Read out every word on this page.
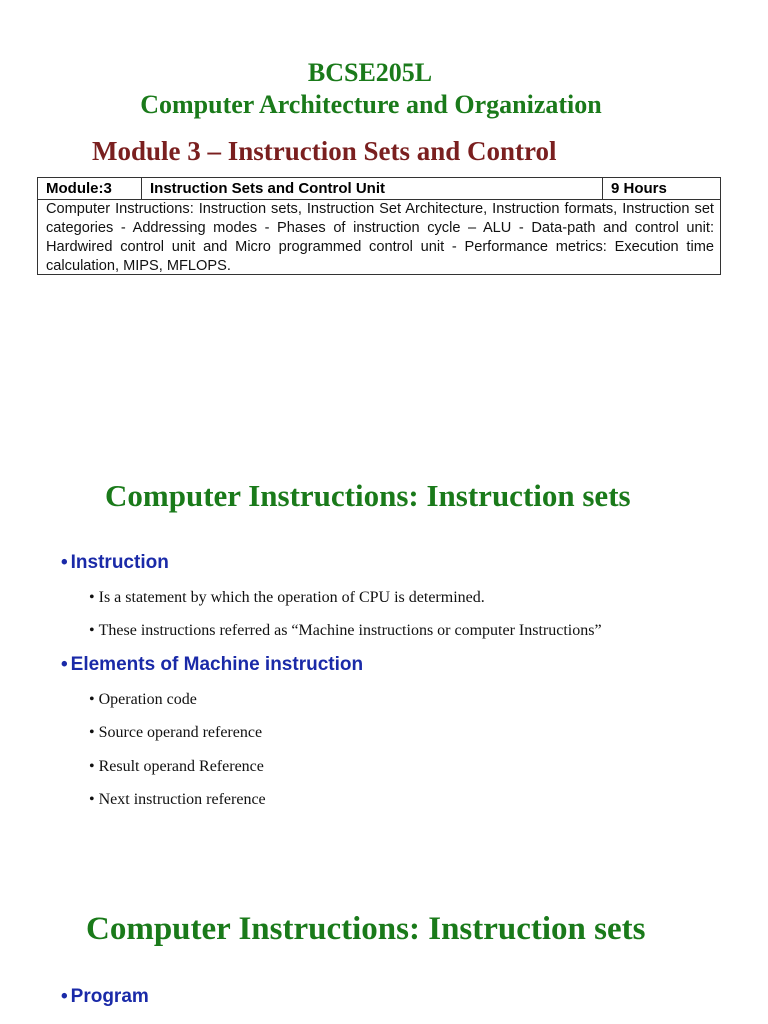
BCSE205L
Computer Architecture and Organization
Module 3 – Instruction Sets and Control
Module:3	Instruction Sets and Control Unit	9 Hours
Computer Instructions: Instruction sets, Instruction Set Architecture, Instruction formats, Instruction set categories - Addressing modes - Phases of instruction cycle – ALU - Data-path and control unit: Hardwired control unit and Micro programmed control unit - Performance metrics: Execution time calculation, MIPS, MFLOPS.
Computer Instructions: Instruction sets
• Instruction
• Is a statement by which the operation of CPU is determined.
• These instructions referred as “Machine instructions or computer Instructions”
• Elements of Machine instruction
• Operation code
• Source operand reference
• Result operand Reference
• Next instruction reference
Computer Instructions: Instruction sets
• Program
